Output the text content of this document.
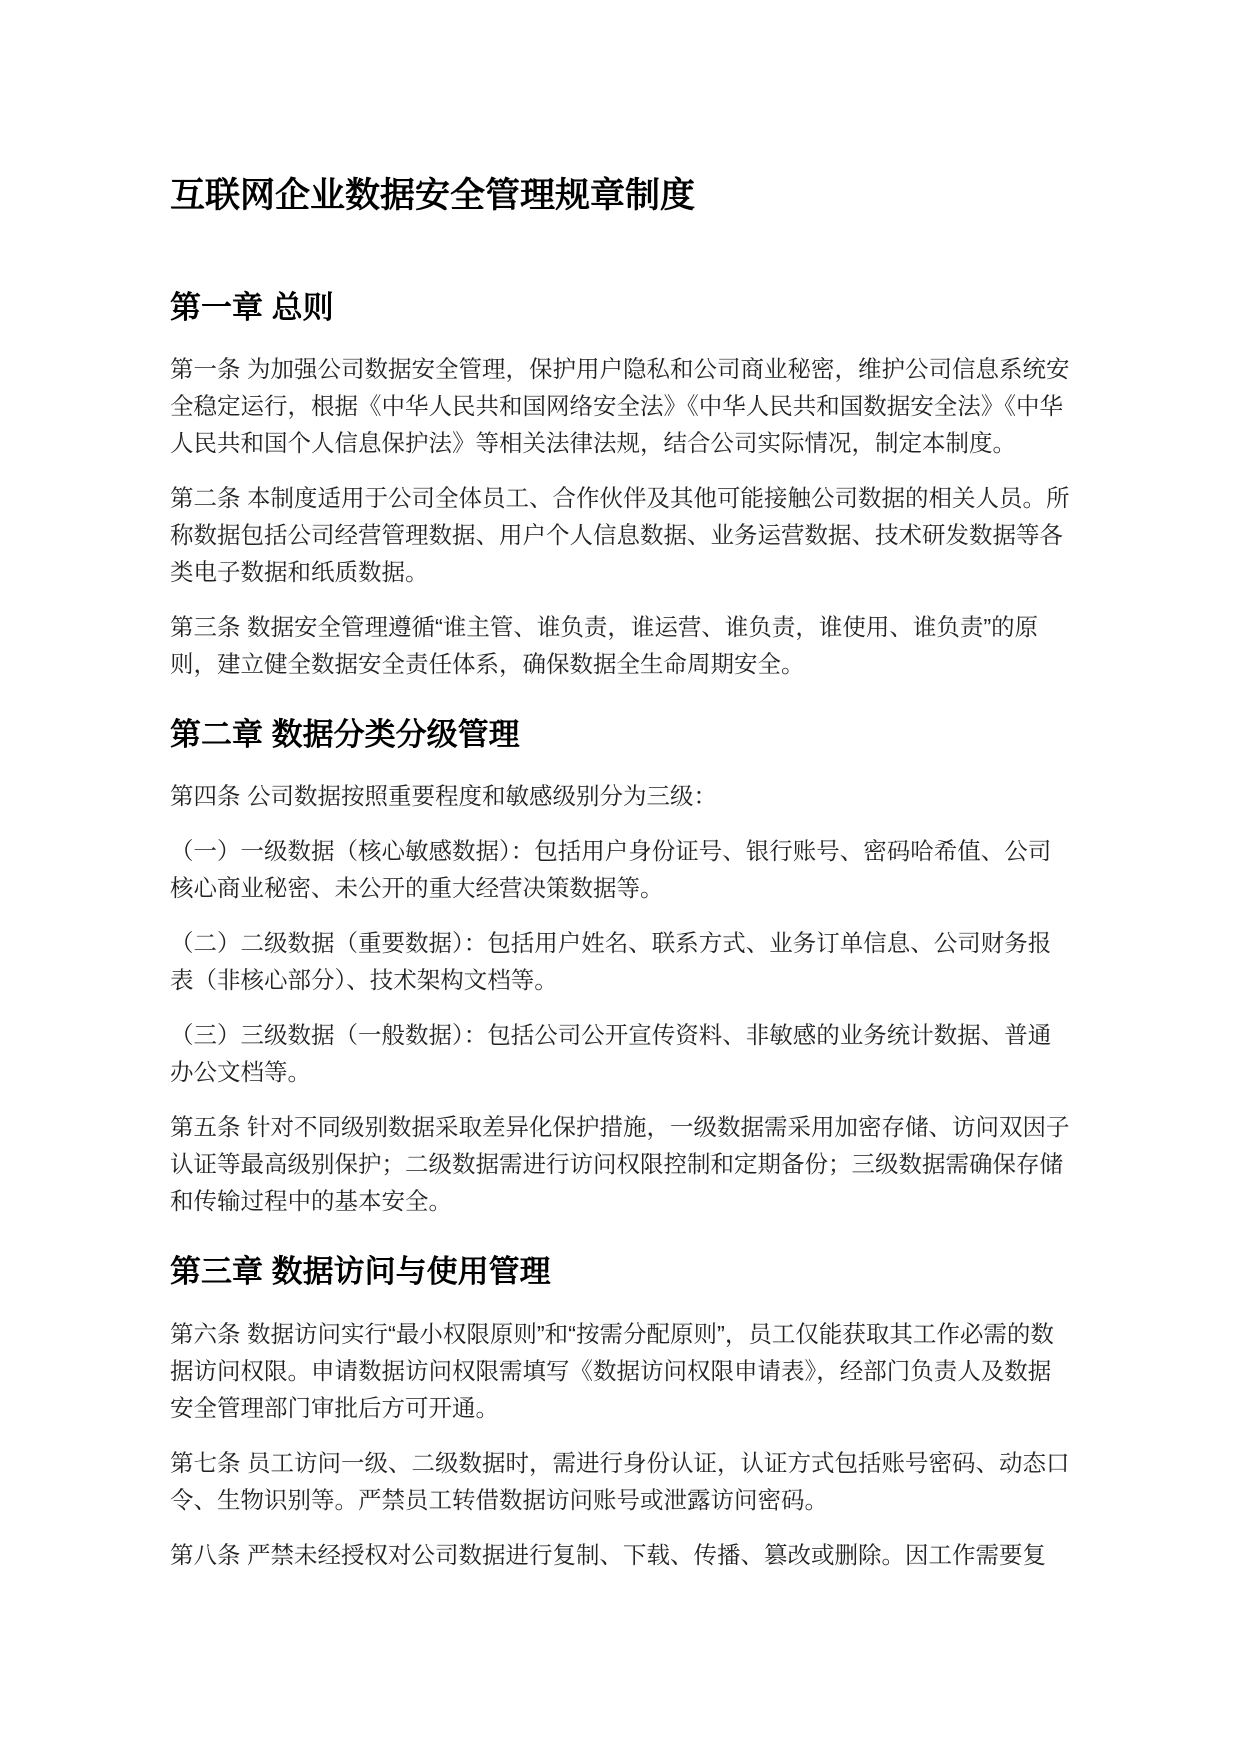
互联网企业数据安全管理规章制度
第一章 总则

第一条 为加强公司数据安全管理，保护用户隐私和公司商业秘密，维护公司信息系统安全稳定运行，根据《中华人民共和国网络安全法》《中华人民共和国数据安全法》《中华人民共和国个人信息保护法》等相关法律法规，结合公司实际情况，制定本制度。

第二条 本制度适用于公司全体员工、合作伙伴及其他可能接触公司数据的相关人员。所称数据包括公司经营管理数据、用户个人信息数据、业务运营数据、技术研发数据等各类电子数据和纸质数据。

第三条 数据安全管理遵循“谁主管、谁负责，谁运营、谁负责，谁使用、谁负责”的原则，建立健全数据安全责任体系，确保数据全生命周期安全。

第二章 数据分类分级管理

第四条 公司数据按照重要程度和敏感级别分为三级：

（一）一级数据（核心敏感数据）：包括用户身份证号、银行账号、密码哈希值、公司核心商业秘密、未公开的重大经营决策数据等。

（二）二级数据（重要数据）：包括用户姓名、联系方式、业务订单信息、公司财务报表（非核心部分）、技术架构文档等。

（三）三级数据（一般数据）：包括公司公开宣传资料、非敏感的业务统计数据、普通办公文档等。

第五条 针对不同级别数据采取差异化保护措施，一级数据需采用加密存储、访问双因子认证等最高级别保护；二级数据需进行访问权限控制和定期备份；三级数据需确保存储和传输过程中的基本安全。

第三章 数据访问与使用管理

第六条 数据访问实行“最小权限原则”和“按需分配原则”，员工仅能获取其工作必需的数据访问权限。申请数据访问权限需填写《数据访问权限申请表》，经部门负责人及数据安全管理部门审批后方可开通。

第七条 员工访问一级、二级数据时，需进行身份认证，认证方式包括账号密码、动态口令、生物识别等。严禁员工转借数据访问账号或泄露访问密码。

第八条 严禁未经授权对公司数据进行复制、下载、传播、篡改或删除。因工作需要复
